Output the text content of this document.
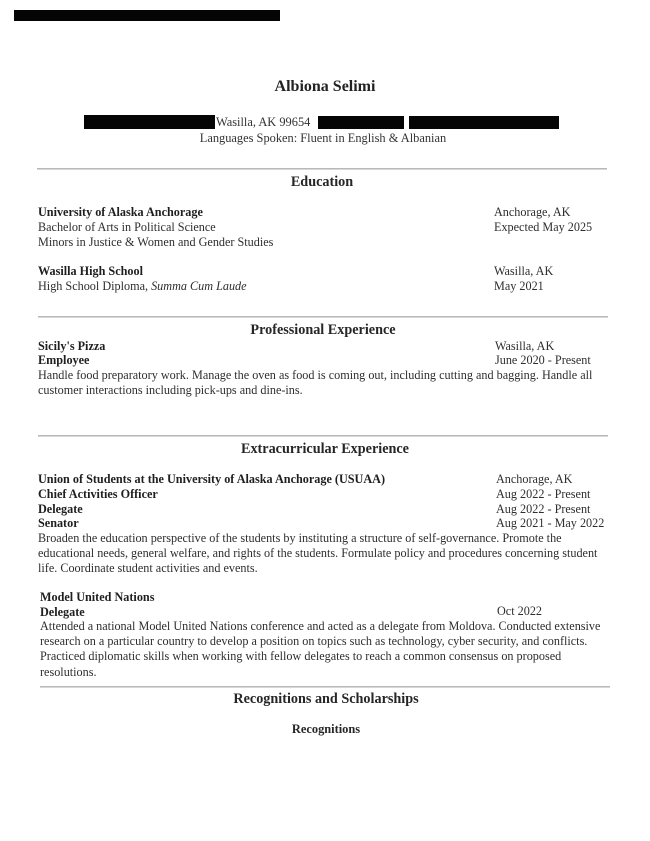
Albiona Selimi
Wasilla, AK 99654
Languages Spoken: Fluent in English & Albanian
Education
University of Alaska Anchorage
Bachelor of Arts in Political Science
Minors in Justice & Women and Gender Studies
Anchorage, AK
Expected May 2025
Wasilla High School
High School Diploma, Summa Cum Laude
Wasilla, AK
May 2021
Professional Experience
Sicily's Pizza
Employee
Wasilla, AK
June 2020 - Present
Handle food preparatory work. Manage the oven as food is coming out, including cutting and bagging. Handle all customer interactions including pick-ups and dine-ins.
Extracurricular Experience
Union of Students at the University of Alaska Anchorage (USUAA)
Chief Activities Officer
Delegate
Senator
Anchorage, AK
Aug 2022 - Present
Aug 2022 - Present
Aug 2021 - May 2022
Broaden the education perspective of the students by instituting a structure of self-governance. Promote the educational needs, general welfare, and rights of the students. Formulate policy and procedures concerning student life. Coordinate student activities and events.
Model United Nations
Delegate	Oct 2022
Attended a national Model United Nations conference and acted as a delegate from Moldova. Conducted extensive research on a particular country to develop a position on topics such as technology, cyber security, and conflicts. Practiced diplomatic skills when working with fellow delegates to reach a common consensus on proposed resolutions.
Recognitions and Scholarships
Recognitions
